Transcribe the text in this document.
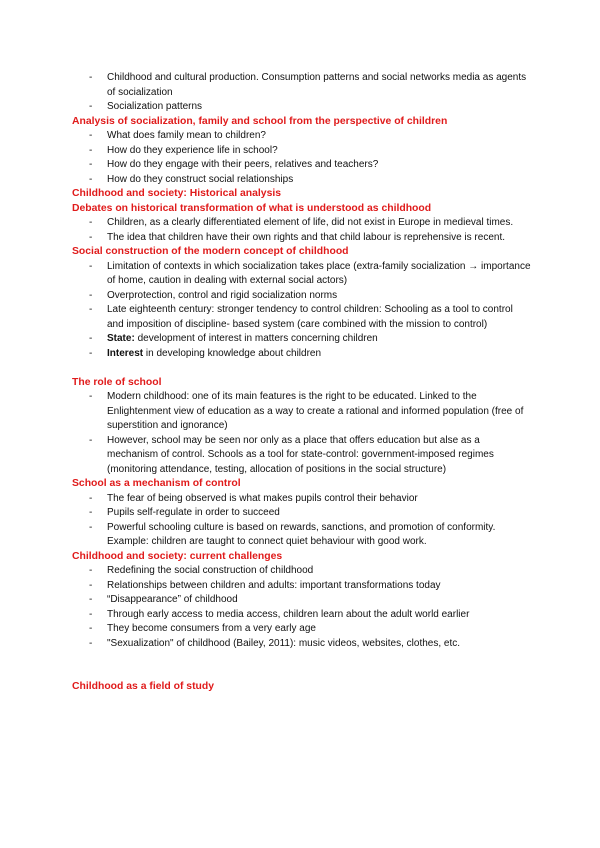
- Childhood and cultural production. Consumption patterns and social networks media as agents of socialization
- Socialization patterns

Analysis of socialization, family and school from the perspective of children

- What does family mean to children?
- How do they experience life in school?
- How do they engage with their peers, relatives and teachers?
- How do they construct social relationships

Childhood and society: Historical analysis

Debates on historical transformation of what is understood as childhood

- Children, as a clearly differentiated element of life, did not exist in Europe in medieval times.
- The idea that children have their own rights and that child labour is reprehensive is recent.

Social construction of the modern concept of childhood

- Limitation of contexts in which socialization takes place (extra-family socialization → importance of home, caution in dealing with external social actors)
- Overprotection, control and rigid socialization norms
- Late eighteenth century: stronger tendency to control children: Schooling as a tool to control and imposition of discipline- based system (care combined with the mission to control)
- State: development of interest in matters concerning children
- Interest in developing knowledge about children

The role of school

- Modern childhood: one of its main features is the right to be educated. Linked to the Enlightenment view of education as a way to create a rational and informed population (free of superstition and ignorance)
- However, school may be seen nor only as a place that offers education but alse as a mechanism of control. Schools as a tool for state-control: government-imposed regimes (monitoring attendance, testing, allocation of positions in the social structure)

School as a mechanism of control

- The fear of being observed is what makes pupils control their behavior
- Pupils self-regulate in order to succeed
- Powerful schooling culture is based on rewards, sanctions, and promotion of conformity. Example: children are taught to connect quiet behaviour with good work.

Childhood and society: current challenges

- Redefining the social construction of childhood
- Relationships between children and adults: important transformations today
- “Disappearance” of childhood
- Through early access to media access, children learn about the adult world earlier
- They become consumers from a very early age
- "Sexualization" of childhood (Bailey, 2011): music videos, websites, clothes, etc.

Childhood as a field of study
